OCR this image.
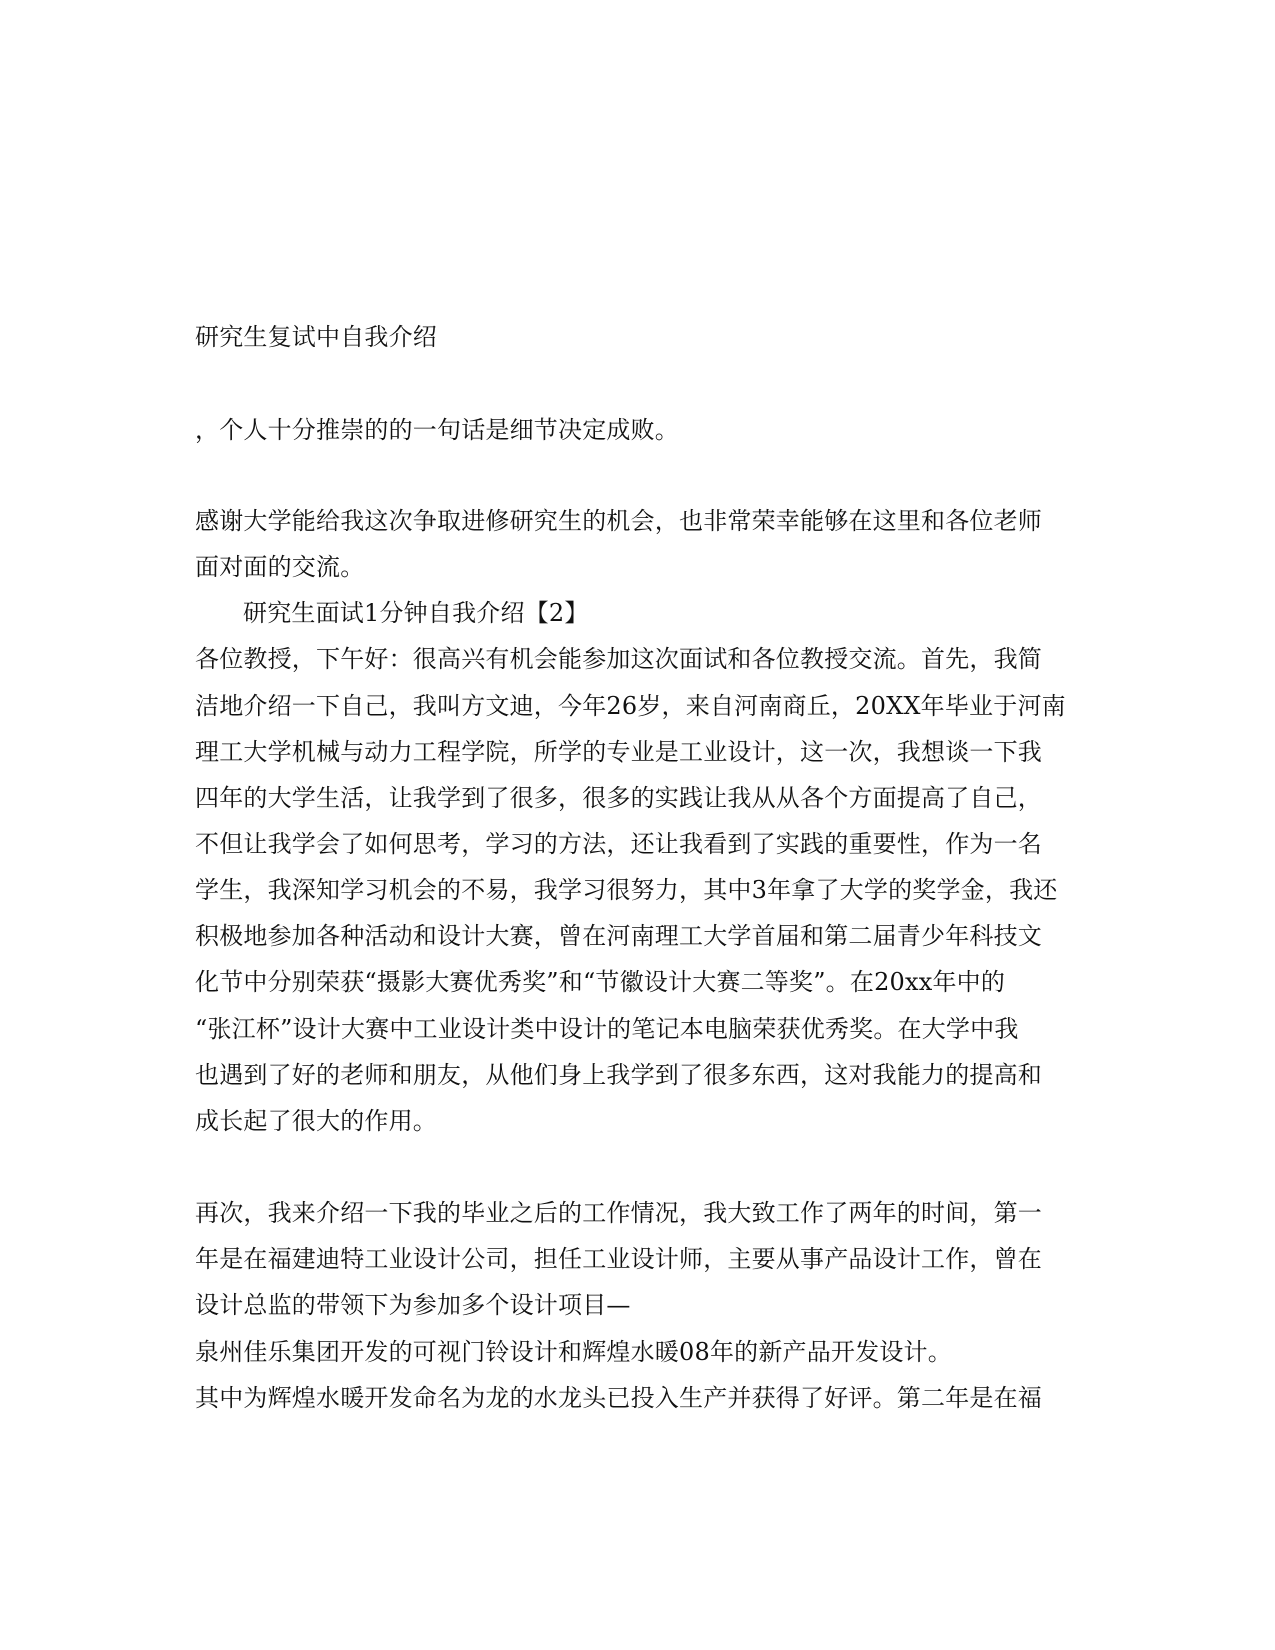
研究生复试中自我介绍
，个人十分推崇的的一句话是细节决定成败。
感谢大学能给我这次争取进修研究生的机会，也非常荣幸能够在这里和各位老师
面对面的交流。
研究生面试1分钟自我介绍【2】
各位教授，下午好：很高兴有机会能参加这次面试和各位教授交流。首先，我简
洁地介绍一下自己，我叫方文迪，今年26岁，来自河南商丘，20XX年毕业于河南
理工大学机械与动力工程学院，所学的专业是工业设计，这一次，我想谈一下我
四年的大学生活，让我学到了很多，很多的实践让我从从各个方面提高了自己，
不但让我学会了如何思考，学习的方法，还让我看到了实践的重要性，作为一名
学生，我深知学习机会的不易，我学习很努力，其中3年拿了大学的奖学金，我还
积极地参加各种活动和设计大赛，曾在河南理工大学首届和第二届青少年科技文
化节中分别荣获“摄影大赛优秀奖”和“节徽设计大赛二等奖”。在20xx年中的
“张江杯”设计大赛中工业设计类中设计的笔记本电脑荣获优秀奖。在大学中我
也遇到了好的老师和朋友，从他们身上我学到了很多东西，这对我能力的提高和
成长起了很大的作用。
再次，我来介绍一下我的毕业之后的工作情况，我大致工作了两年的时间，第一
年是在福建迪特工业设计公司，担任工业设计师，主要从事产品设计工作，曾在
设计总监的带领下为参加多个设计项目—
泉州佳乐集团开发的可视门铃设计和辉煌水暖08年的新产品开发设计。
其中为辉煌水暖开发命名为龙的水龙头已投入生产并获得了好评。第二年是在福
